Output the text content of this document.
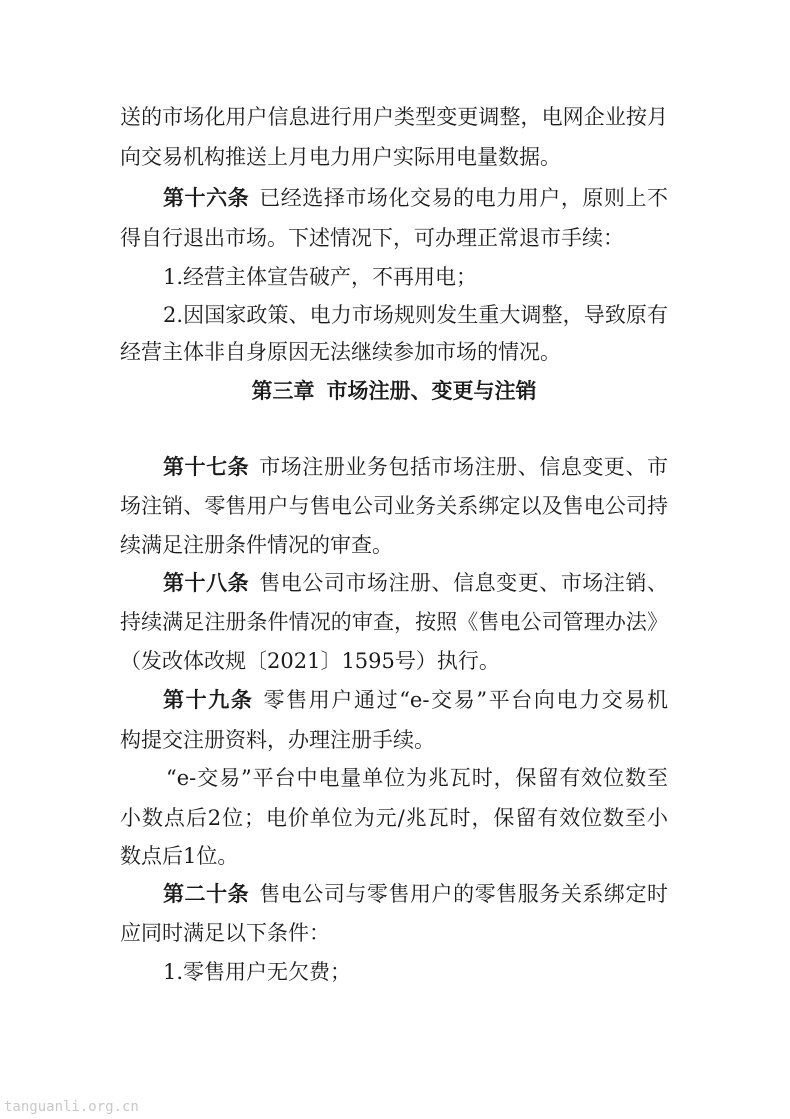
送的市场化用户信息进行用户类型变更调整，电网企业按月
向交易机构推送上月电力用户实际用电量数据。
第十六条 已经选择市场化交易的电力用户，原则上不
得自行退出市场。下述情况下，可办理正常退市手续：
1.经营主体宣告破产，不再用电；
2.因国家政策、电力市场规则发生重大调整，导致原有
经营主体非自身原因无法继续参加市场的情况。
第三章 市场注册、变更与注销
第十七条 市场注册业务包括市场注册、信息变更、市
场注销、零售用户与售电公司业务关系绑定以及售电公司持
续满足注册条件情况的审查。
第十八条 售电公司市场注册、信息变更、市场注销、
持续满足注册条件情况的审查，按照《售电公司管理办法》
（发改体改规〔2021〕1595号）执行。
第十九条 零售用户通过“e-交易”平台向电力交易机
构提交注册资料，办理注册手续。
“e-交易”平台中电量单位为兆瓦时，保留有效位数至
小数点后2位；电价单位为元/兆瓦时，保留有效位数至小
数点后1位。
第二十条 售电公司与零售用户的零售服务关系绑定时
应同时满足以下条件：
1.零售用户无欠费；
tanguanli.org.cn
